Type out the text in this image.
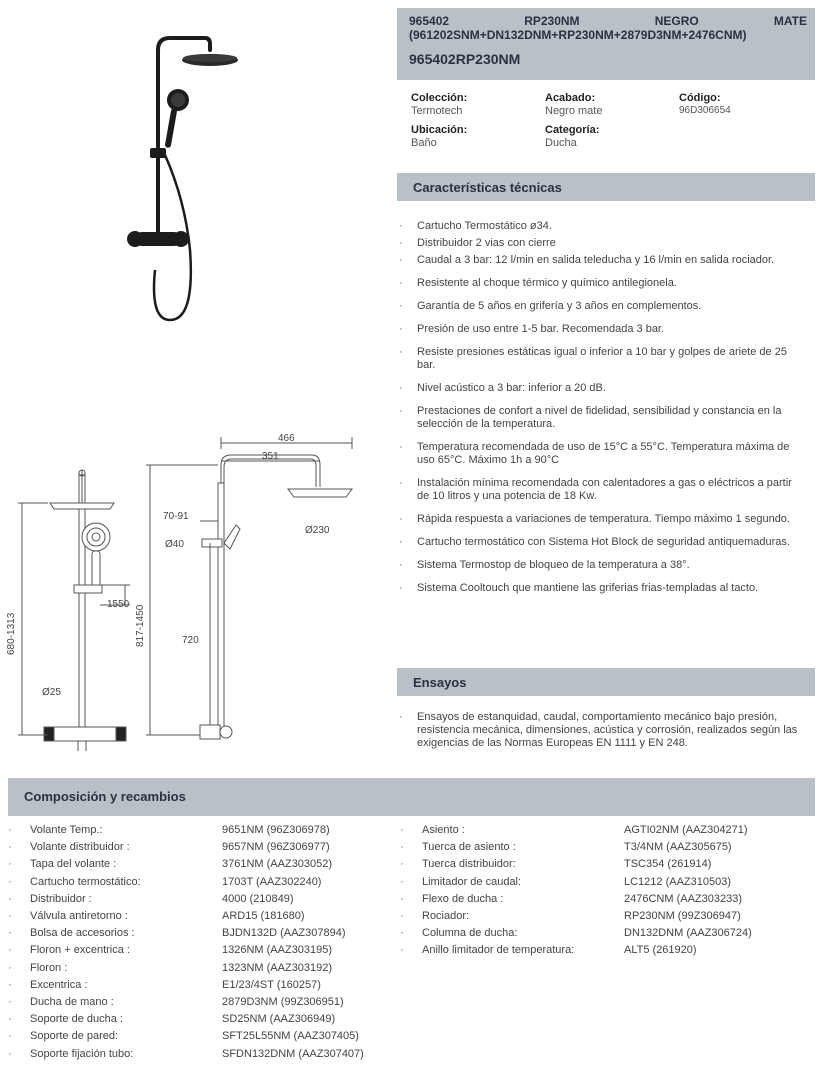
466
351
70-91
Ø40
Ø230
1550
720
Ø25
680-1313	817-1450
965402	RP230NM	NEGRO	MATE
(961202SNM+DN132DNM+RP230NM+2879D3NM+2476CNM)
965402RP230NM
Colección:
Termotech
Acabado:
Negro mate
Código:
96D306654
Ubicación:
Baño
Categoría:
Ducha
Características técnicas
· Cartucho Termostático ø34.
· Distribuidor 2 vias con cierre
· Caudal a 3 bar: 12 l/min en salida teleducha y 16 l/min en salida rociador.
· Resistente al choque térmico y químico antilegionela.
· Garantía de 5 años en grifería y 3 años en complementos.
· Presión de uso entre 1-5 bar. Recomendada 3 bar.
· Resiste presiones estáticas igual o inferior a 10 bar y golpes de ariete de 25 bar.
· Nivel acústico a 3 bar: inferior a 20 dB.
· Prestaciones de confort a nivel de fidelidad, sensibilidad y constancia en la selección de la temperatura.
· Temperatura recomendada de uso de 15°C a 55°C. Temperatura máxima de uso 65°C. Máximo 1h a 90°C
· Instalación mínima recomendada con calentadores a gas o eléctricos a partir de 10 litros y una potencia de 18 Kw.
· Rápida respuesta a variaciones de temperatura. Tiempo máximo 1 segundo.
· Cartucho termostático con Sistema Hot Block de seguridad antiquemaduras.
· Sistema Termostop de bloqueo de la temperatura a 38°.
· Sistema Cooltouch que mantiene las griferias frias-templadas al tacto.
Ensayos
· Ensayos de estanquidad, caudal, comportamiento mecánico bajo presión, resistencia mecánica, dimensiones, acústica y corrosión, realizados según las exigencias de las Normas Europeas EN 1111 y EN 248.
Composición y recambios
· Volante Temp.:	9651NM (96Z306978)
· Volante distribuidor :	9657NM (96Z306977)
· Tapa del volante :	3761NM (AAZ303052)
· Cartucho termostático:	1703T (AAZ302240)
· Distribuidor :	4000 (210849)
· Válvula antiretorno :	ARD15 (181680)
· Bolsa de accesorios :	BJDN132D (AAZ307894)
· Floron + excentrica :	1326NM (AAZ303195)
· Floron :	1323NM (AAZ303192)
· Excentrica :	E1/23/4ST (160257)
· Ducha de mano :	2879D3NM (99Z306951)
· Soporte de ducha :	SD25NM (AAZ306949)
· Soporte de pared:	SFT25L55NM (AAZ307405)
· Soporte fijación tubo:	SFDN132DNM (AAZ307407)
· Asiento :	AGTI02NM (AAZ304271)
· Tuerca de asiento :	T3/4NM (AAZ305675)
· Tuerca distribuidor:	TSC354 (261914)
· Limitador de caudal:	LC1212 (AAZ310503)
· Flexo de ducha :	2476CNM (AAZ303233)
· Rociador:	RP230NM (99Z306947)
· Columna de ducha:	DN132DNM (AAZ306724)
· Anillo limitador de temperatura:	ALT5 (261920)
